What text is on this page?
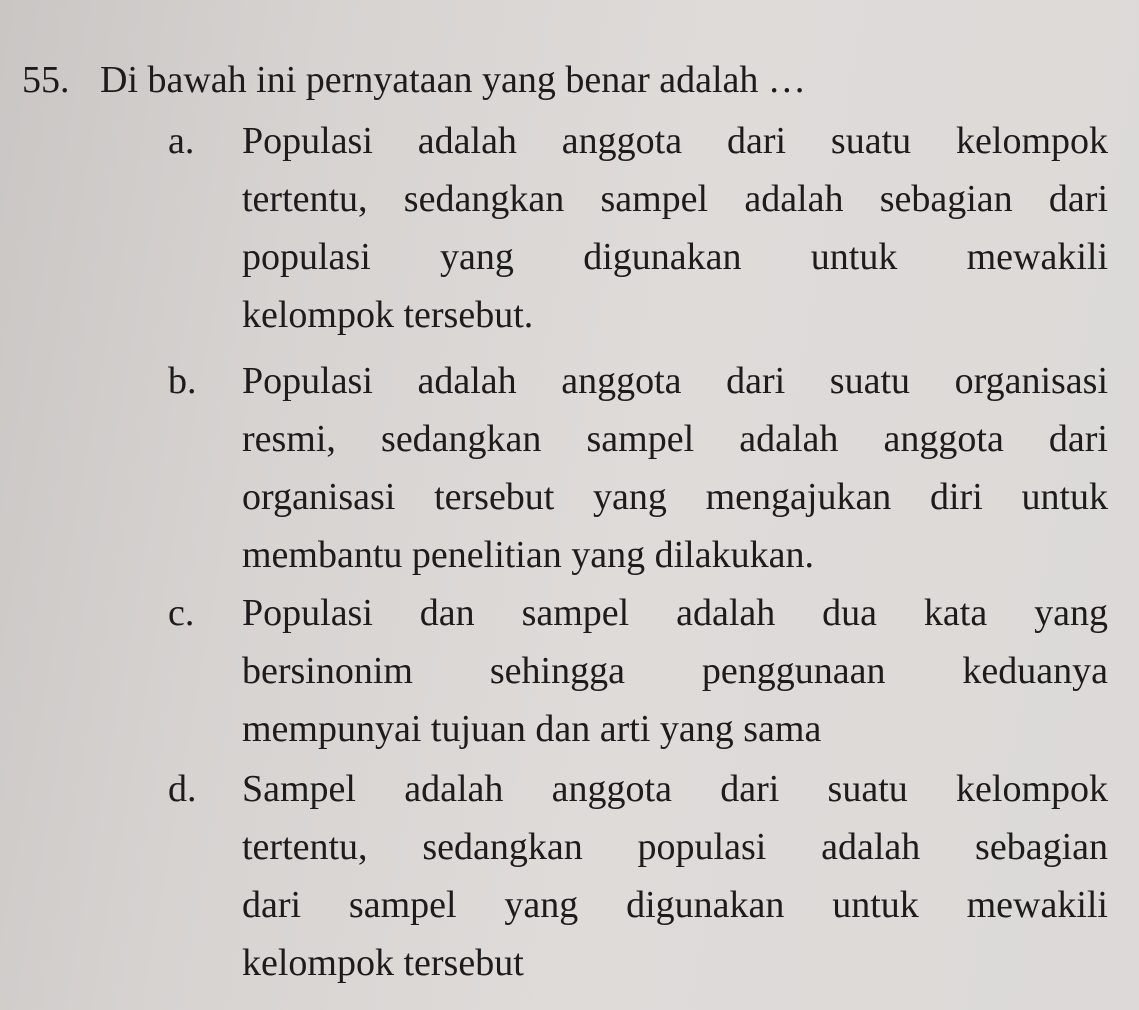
55. Di bawah ini pernyataan yang benar adalah …
a.	Populasi adalah anggota dari suatu kelompok
tertentu, sedangkan sampel adalah sebagian dari
populasi yang digunakan untuk mewakili
kelompok tersebut.
b.	Populasi adalah anggota dari suatu organisasi
resmi, sedangkan sampel adalah anggota dari
organisasi tersebut yang mengajukan diri untuk
membantu penelitian yang dilakukan.
c.	Populasi dan sampel adalah dua kata yang
bersinonim sehingga penggunaan keduanya
mempunyai tujuan dan arti yang sama
d.	Sampel adalah anggota dari suatu kelompok
tertentu, sedangkan populasi adalah sebagian
dari sampel yang digunakan untuk mewakili
kelompok tersebut
